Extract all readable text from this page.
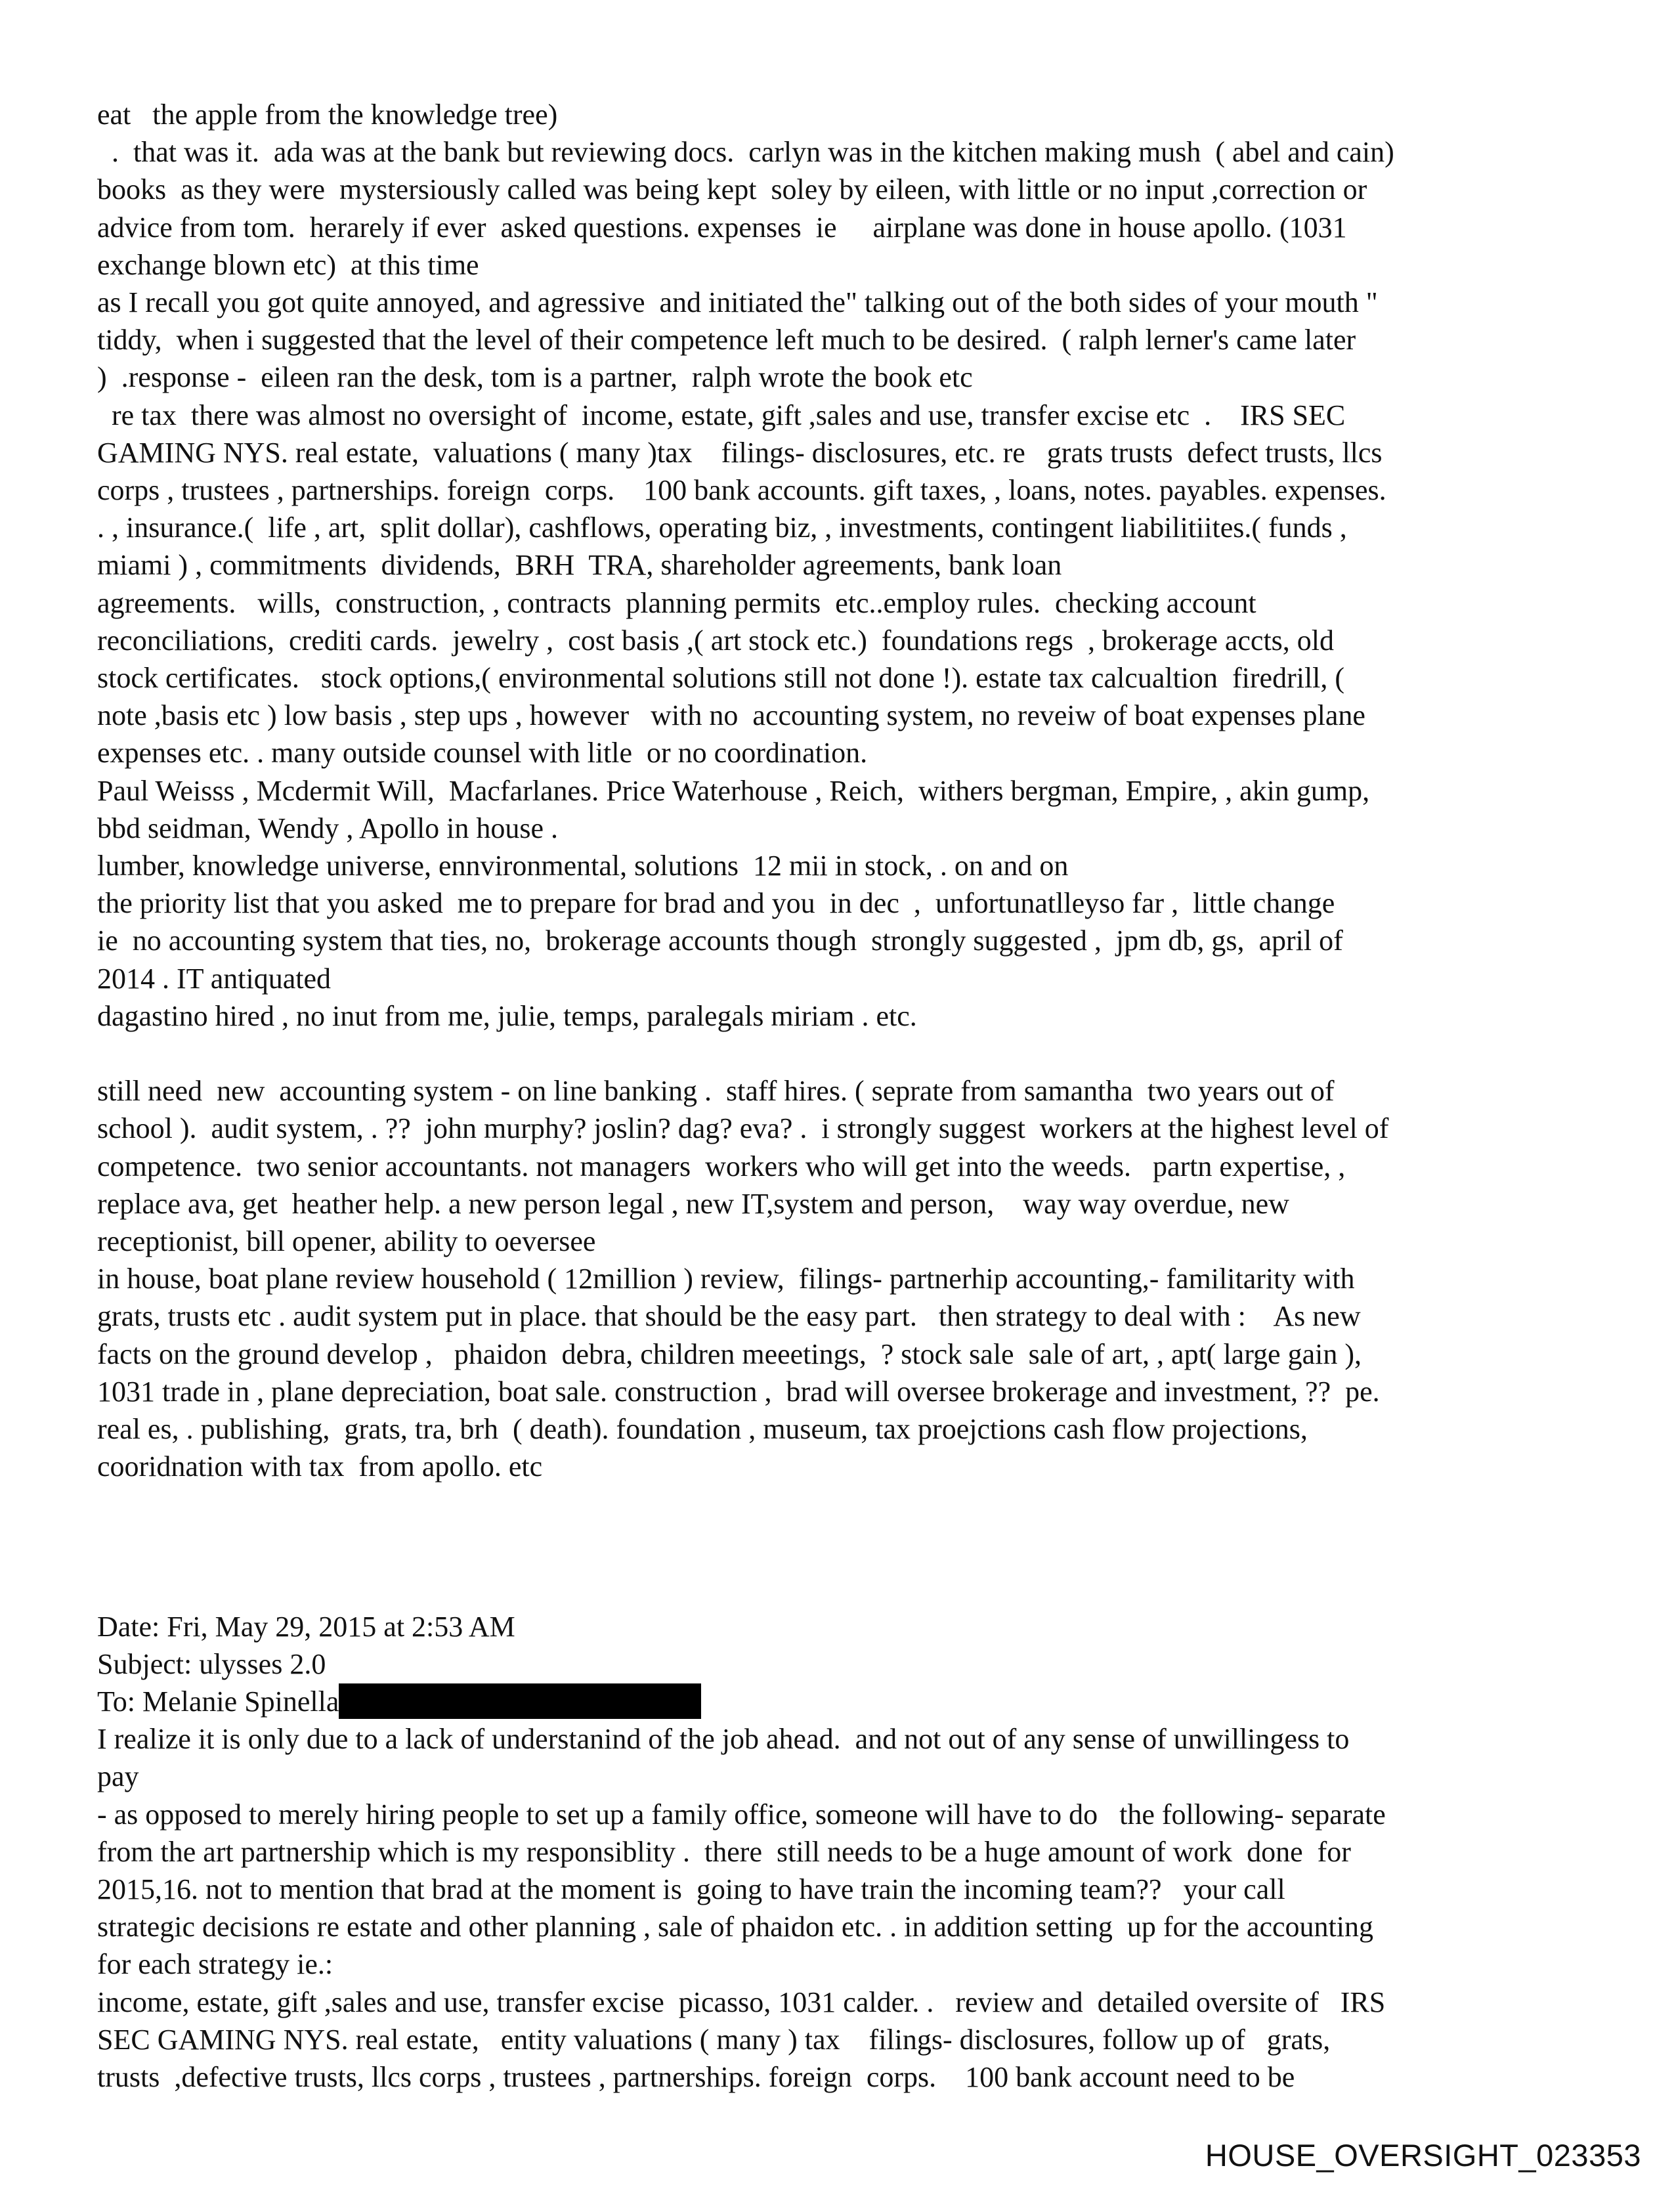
eat   the apple from the knowledge tree)
.  that was it.  ada was at the bank but reviewing docs.  carlyn was in the kitchen making mush  ( abel and cain)
books  as they were  mystersiously called was being kept  soley by eileen, with little or no input ,correction or
advice from tom.  herarely if ever  asked questions. expenses  ie     airplane was done in house apollo. (1031
exchange blown etc)  at this time
as I recall you got quite annoyed, and agressive  and initiated the" talking out of the both sides of your mouth "
tiddy,  when i suggested that the level of their competence left much to be desired.  ( ralph lerner's came later
)  .response -  eileen ran the desk, tom is a partner,  ralph wrote the book etc
re tax  there was almost no oversight of  income, estate, gift ,sales and use, transfer excise etc  .    IRS SEC
GAMING NYS. real estate,  valuations ( many )tax    filings- disclosures, etc. re   grats trusts  defect trusts, llcs
corps , trustees , partnerships. foreign  corps.    100 bank accounts. gift taxes, , loans, notes. payables. expenses.
. , insurance.(  life , art,  split dollar), cashflows, operating biz, , investments, contingent liabilitiites.( funds ,
miami ) , commitments  dividends,  BRH  TRA, shareholder agreements, bank loan
agreements.   wills,  construction, , contracts  planning permits  etc..employ rules.  checking account
reconciliations,  crediti cards.  jewelry ,  cost basis ,( art stock etc.)  foundations regs  , brokerage accts, old
stock certificates.   stock options,( environmental solutions still not done !). estate tax calcualtion  firedrill, (
note ,basis etc ) low basis , step ups , however   with no  accounting system, no reveiw of boat expenses plane
expenses etc. . many outside counsel with litle  or no coordination.
Paul Weisss , Mcdermit Will,  Macfarlanes. Price Waterhouse , Reich,  withers bergman, Empire, , akin gump,
bbd seidman, Wendy , Apollo in house .
lumber, knowledge universe, ennvironmental, solutions  12 mii in stock, . on and on
the priority list that you asked  me to prepare for brad and you  in dec  ,  unfortunatlleyso far ,  little change
ie  no accounting system that ties, no,  brokerage accounts though  strongly suggested ,  jpm db, gs,  april of
2014 . IT antiquated
dagastino hired , no inut from me, julie, temps, paralegals miriam . etc.
still need  new  accounting system - on line banking .  staff hires. ( seprate from samantha  two years out of
school ).  audit system, . ??  john murphy? joslin? dag? eva? .  i strongly suggest  workers at the highest level of
competence.  two senior accountants. not managers  workers who will get into the weeds.   partn expertise, ,
replace ava, get  heather help. a new person legal , new IT,system and person,    way way overdue, new
receptionist, bill opener, ability to oeversee
in house, boat plane review household ( 12million ) review,  filings- partnerhip accounting,- familitarity with
grats, trusts etc . audit system put in place. that should be the easy part.   then strategy to deal with :    As new
facts on the ground develop ,   phaidon  debra, children meeetings,  ? stock sale  sale of art, , apt( large gain ),
1031 trade in , plane depreciation, boat sale. construction ,  brad will oversee brokerage and investment, ??  pe.
real es, . publishing,  grats, tra, brh  ( death). foundation , museum, tax proejctions cash flow projections,
cooridnation with tax  from apollo. etc
Date: Fri, May 29, 2015 at 2:53 AM
Subject: ulysses 2.0
To: Melanie Spinella
I realize it is only due to a lack of understanind of the job ahead.  and not out of any sense of unwillingess to
pay
- as opposed to merely hiring people to set up a family office, someone will have to do   the following- separate
from the art partnership which is my responsiblity .  there  still needs to be a huge amount of work  done  for
2015,16. not to mention that brad at the moment is  going to have train the incoming team??   your call
strategic decisions re estate and other planning , sale of phaidon etc. . in addition setting  up for the accounting
for each strategy ie.:
income, estate, gift ,sales and use, transfer excise  picasso, 1031 calder. .   review and  detailed oversite of   IRS
SEC GAMING NYS. real estate,   entity valuations ( many ) tax    filings- disclosures, follow up of   grats,
trusts  ,defective trusts, llcs corps , trustees , partnerships. foreign  corps.    100 bank account need to be
HOUSE_OVERSIGHT_023353
